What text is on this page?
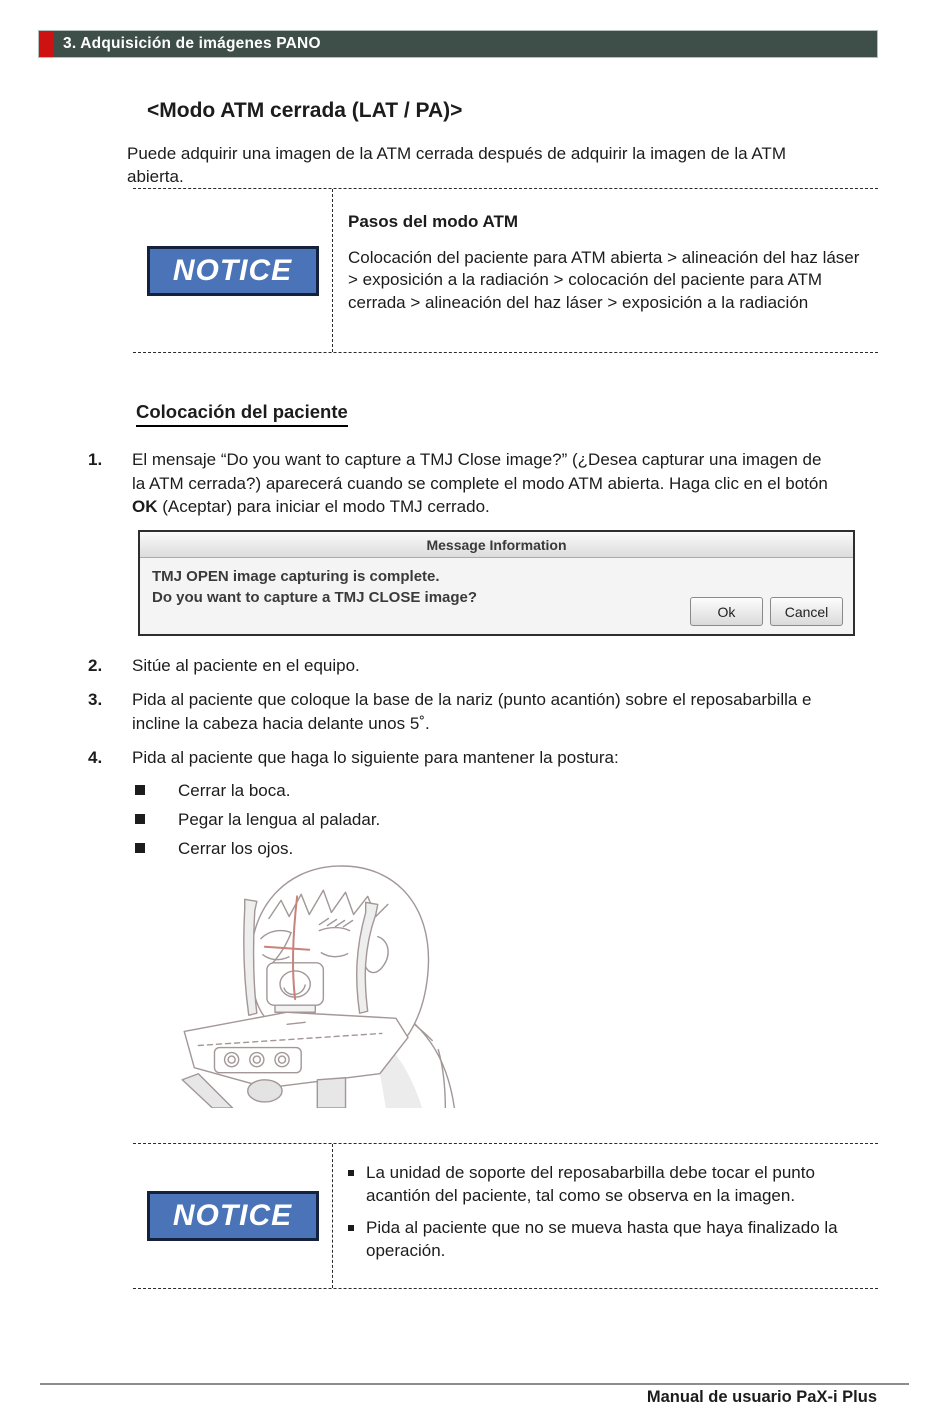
3. Adquisición de imágenes PANO
<Modo ATM cerrada (LAT / PA)>
Puede adquirir una imagen de la ATM cerrada después de adquirir la imagen de la ATM abierta.
NOTICE

Pasos del modo ATM

Colocación del paciente para ATM abierta > alineación del haz láser > exposición a la radiación > colocación del paciente para ATM cerrada > alineación del haz láser > exposición a la radiación

Colocación del paciente
1.	El mensaje “Do you want to capture a TMJ Close image?” (¿Desea capturar una imagen de la ATM cerrada?) aparecerá cuando se complete el modo ATM abierta. Haga clic en el botón OK (Aceptar) para iniciar el modo TMJ cerrado.
Message Information
TMJ OPEN image capturing is complete.
Do you want to capture a TMJ CLOSE image?
Ok	Cancel
2.	Sitúe al paciente en el equipo.
3.	Pida al paciente que coloque la base de la nariz (punto acantión) sobre el reposabarbilla e incline la cabeza hacia delante unos 5˚.
4.	Pida al paciente que haga lo siguiente para mantener la postura:
Cerrar la boca.
Pegar la lengua al paladar.
Cerrar los ojos.
NOTICE
La unidad de soporte del reposabarbilla debe tocar el punto acantión del paciente, tal como se observa en la imagen.
Pida al paciente que no se mueva hasta que haya finalizado la operación.
Manual de usuario PaX-i Plus
